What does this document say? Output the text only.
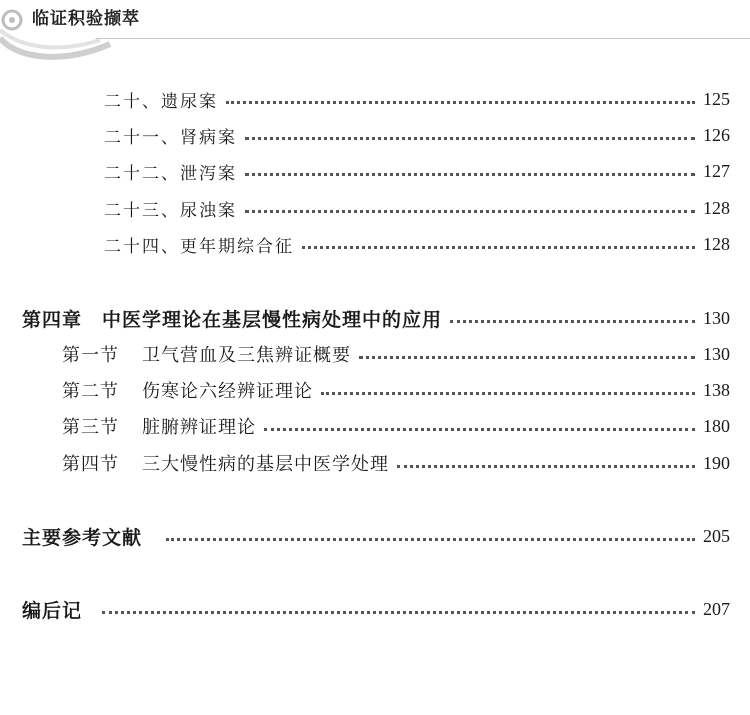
临证积验撷萃
二十、遗尿案	125
二十一、肾病案	126
二十二、泄泻案	127
二十三、尿浊案	128
二十四、更年期综合征	128
第四章　中医学理论在基层慢性病处理中的应用	130
第一节 卫气营血及三焦辨证概要	130
第二节 伤寒论六经辨证理论	138
第三节 脏腑辨证理论	180
第四节 三大慢性病的基层中医学处理	190
主要参考文献	205
编后记	207
